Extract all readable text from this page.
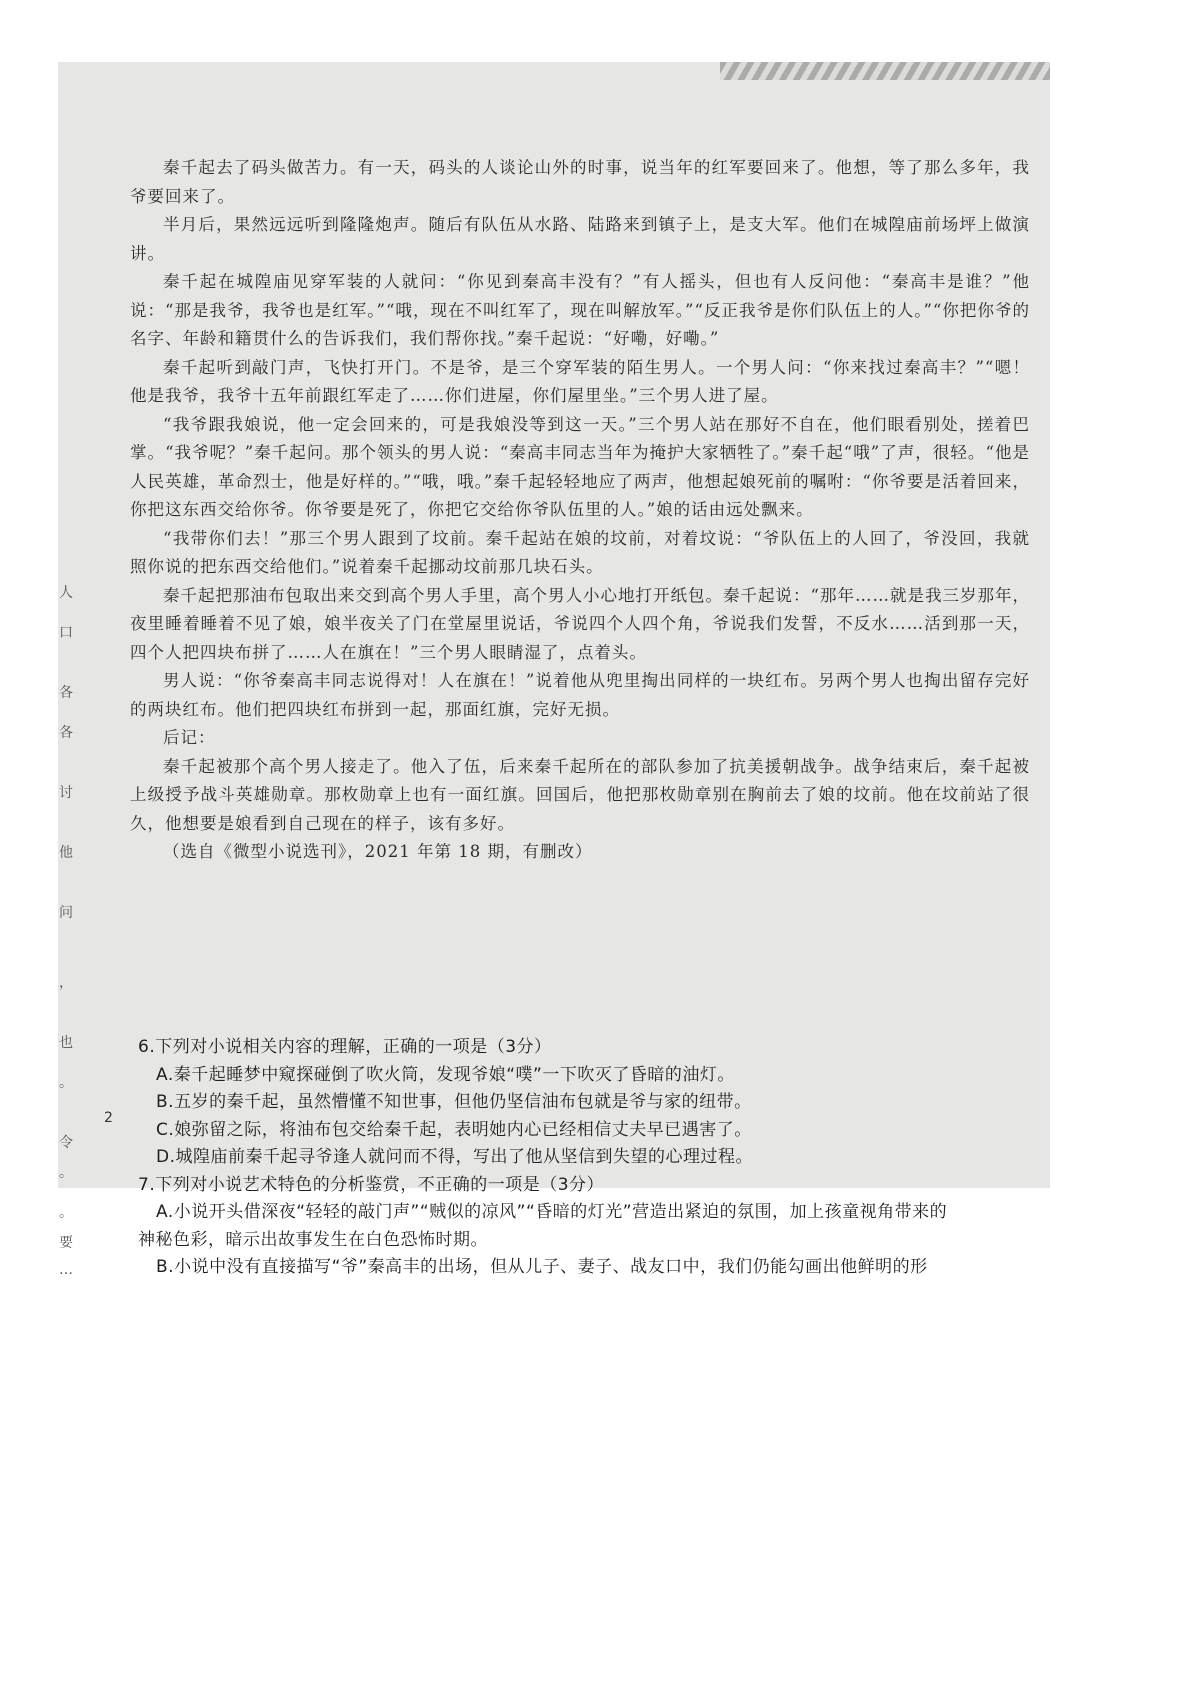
人
口
各
各
讨
他
问
，
也
。
令
。
。
要
…

秦千起去了码头做苦力。有一天，码头的人谈论山外的时事，说当年的红军要回来了。他想，等了那么多年，我爷要回来了。

半月后，果然远远听到隆隆炮声。随后有队伍从水路、陆路来到镇子上，是支大军。他们在城隍庙前场坪上做演讲。

秦千起在城隍庙见穿军装的人就问：“你见到秦高丰没有？”有人摇头，但也有人反问他：“秦高丰是谁？”他说：“那是我爷，我爷也是红军。”“哦，现在不叫红军了，现在叫解放军。”“反正我爷是你们队伍上的人。”“你把你爷的名字、年龄和籍贯什么的告诉我们，我们帮你找。”秦千起说：“好嘞，好嘞。”

秦千起听到敲门声，飞快打开门。不是爷，是三个穿军装的陌生男人。一个男人问：“你来找过秦高丰？”“嗯！他是我爷，我爷十五年前跟红军走了……你们进屋，你们屋里坐。”三个男人进了屋。

“我爷跟我娘说，他一定会回来的，可是我娘没等到这一天。”三个男人站在那好不自在，他们眼看别处，搓着巴掌。“我爷呢？”秦千起问。那个领头的男人说：“秦高丰同志当年为掩护大家牺牲了。”秦千起“哦”了声，很轻。“他是人民英雄，革命烈士，他是好样的。”“哦，哦。”秦千起轻轻地应了两声，他想起娘死前的嘱咐：“你爷要是活着回来，你把这东西交给你爷。你爷要是死了，你把它交给你爷队伍里的人。”娘的话由远处飘来。

“我带你们去！”那三个男人跟到了坟前。秦千起站在娘的坟前，对着坟说：“爷队伍上的人回了，爷没回，我就照你说的把东西交给他们。”说着秦千起挪动坟前那几块石头。

秦千起把那油布包取出来交到高个男人手里，高个男人小心地打开纸包。秦千起说：“那年……就是我三岁那年，夜里睡着睡着不见了娘，娘半夜关了门在堂屋里说话，爷说四个人四个角，爷说我们发誓，不反水……活到那一天，四个人把四块布拼了……人在旗在！”三个男人眼睛湿了，点着头。

男人说：“你爷秦高丰同志说得对！人在旗在！”说着他从兜里掏出同样的一块红布。另两个男人也掏出留存完好的两块红布。他们把四块红布拼到一起，那面红旗，完好无损。

后记：

秦千起被那个高个男人接走了。他入了伍，后来秦千起所在的部队参加了抗美援朝战争。战争结束后，秦千起被上级授予战斗英雄勋章。那枚勋章上也有一面红旗。回国后，他把那枚勋章别在胸前去了娘的坟前。他在坟前站了很久，他想要是娘看到自己现在的样子，该有多好。

（选自《微型小说选刊》，2021 年第 18 期，有删改）

6.下列对小说相关内容的理解，正确的一项是（3分）

A.秦千起睡梦中窥探碰倒了吹火筒，发现爷娘“噗”一下吹灭了昏暗的油灯。

B.五岁的秦千起，虽然懵懂不知世事，但他仍坚信油布包就是爷与家的纽带。

C.娘弥留之际，将油布包交给秦千起，表明她内心已经相信丈夫早已遇害了。

D.城隍庙前秦千起寻爷逢人就问而不得，写出了他从坚信到失望的心理过程。

7.下列对小说艺术特色的分析鉴赏，不正确的一项是（3分）

A.小说开头借深夜“轻轻的敲门声”“贼似的凉风”“昏暗的灯光”营造出紧迫的氛围，加上孩童视角带来的

神秘色彩，暗示出故事发生在白色恐怖时期。

B.小说中没有直接描写“爷”秦高丰的出场，但从儿子、妻子、战友口中，我们仍能勾画出他鲜明的形

2
